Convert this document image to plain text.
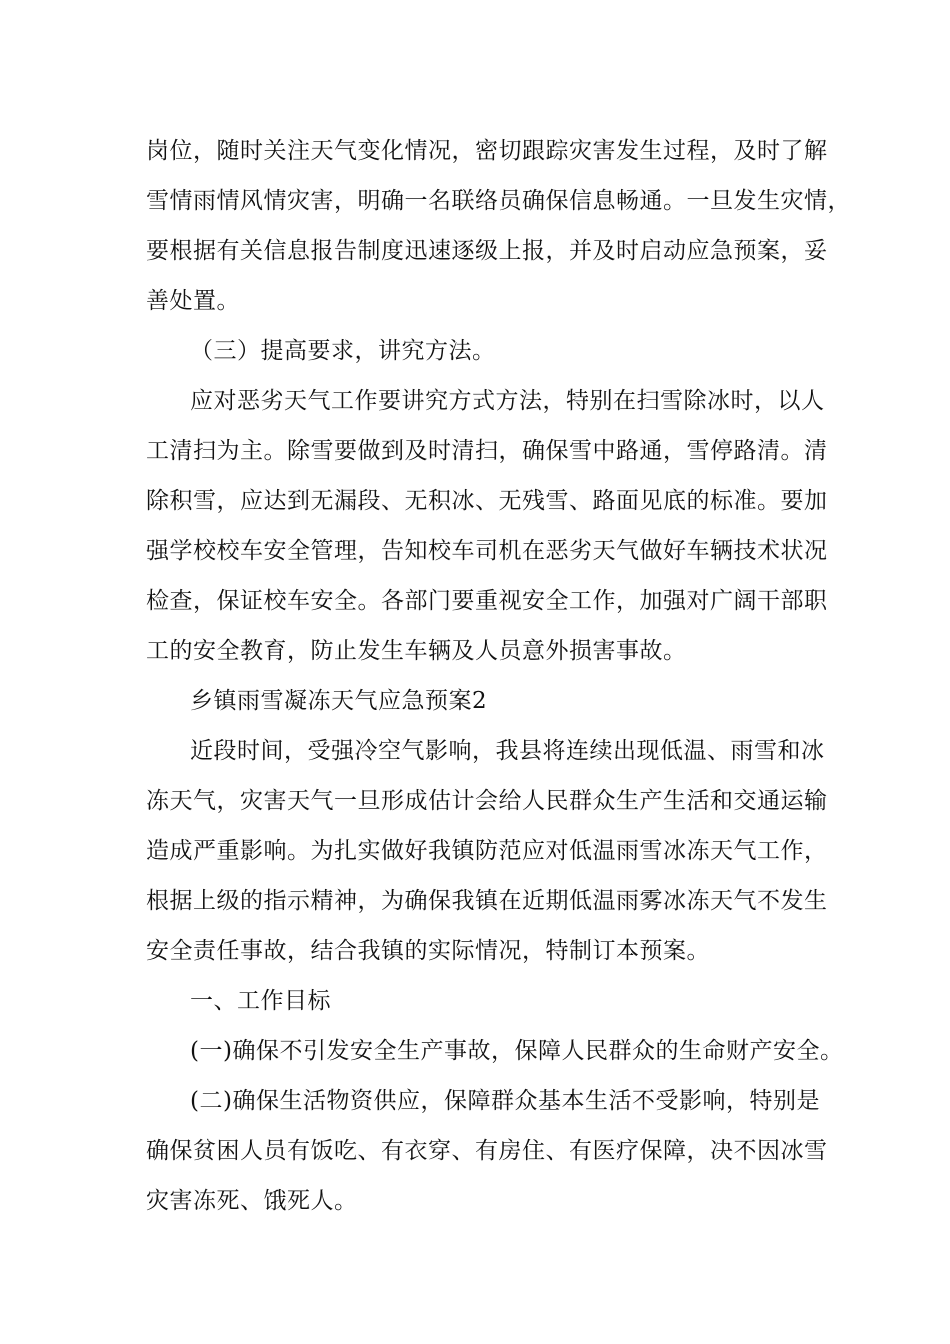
岗位，随时关注天气变化情况，密切跟踪灾害发生过程，及时了解
雪情雨情风情灾害，明确一名联络员确保信息畅通。一旦发生灾情，
要根据有关信息报告制度迅速逐级上报，并及时启动应急预案，妥
善处置。
（三）提高要求，讲究方法。
应对恶劣天气工作要讲究方式方法，特别在扫雪除冰时，以人
工清扫为主。除雪要做到及时清扫，确保雪中路通，雪停路清。清
除积雪，应达到无漏段、无积冰、无残雪、路面见底的标准。要加
强学校校车安全管理，告知校车司机在恶劣天气做好车辆技术状况
检查，保证校车安全。各部门要重视安全工作，加强对广阔干部职
工的安全教育，防止发生车辆及人员意外损害事故。
乡镇雨雪凝冻天气应急预案2
近段时间，受强冷空气影响，我县将连续出现低温、雨雪和冰
冻天气，灾害天气一旦形成估计会给人民群众生产生活和交通运输
造成严重影响。为扎实做好我镇防范应对低温雨雪冰冻天气工作，
根据上级的指示精神，为确保我镇在近期低温雨雾冰冻天气不发生
安全责任事故，结合我镇的实际情况，特制订本预案。
一、工作目标
(一)确保不引发安全生产事故，保障人民群众的生命财产安全。
(二)确保生活物资供应，保障群众基本生活不受影响，特别是
确保贫困人员有饭吃、有衣穿、有房住、有医疗保障，决不因冰雪
灾害冻死、饿死人。
